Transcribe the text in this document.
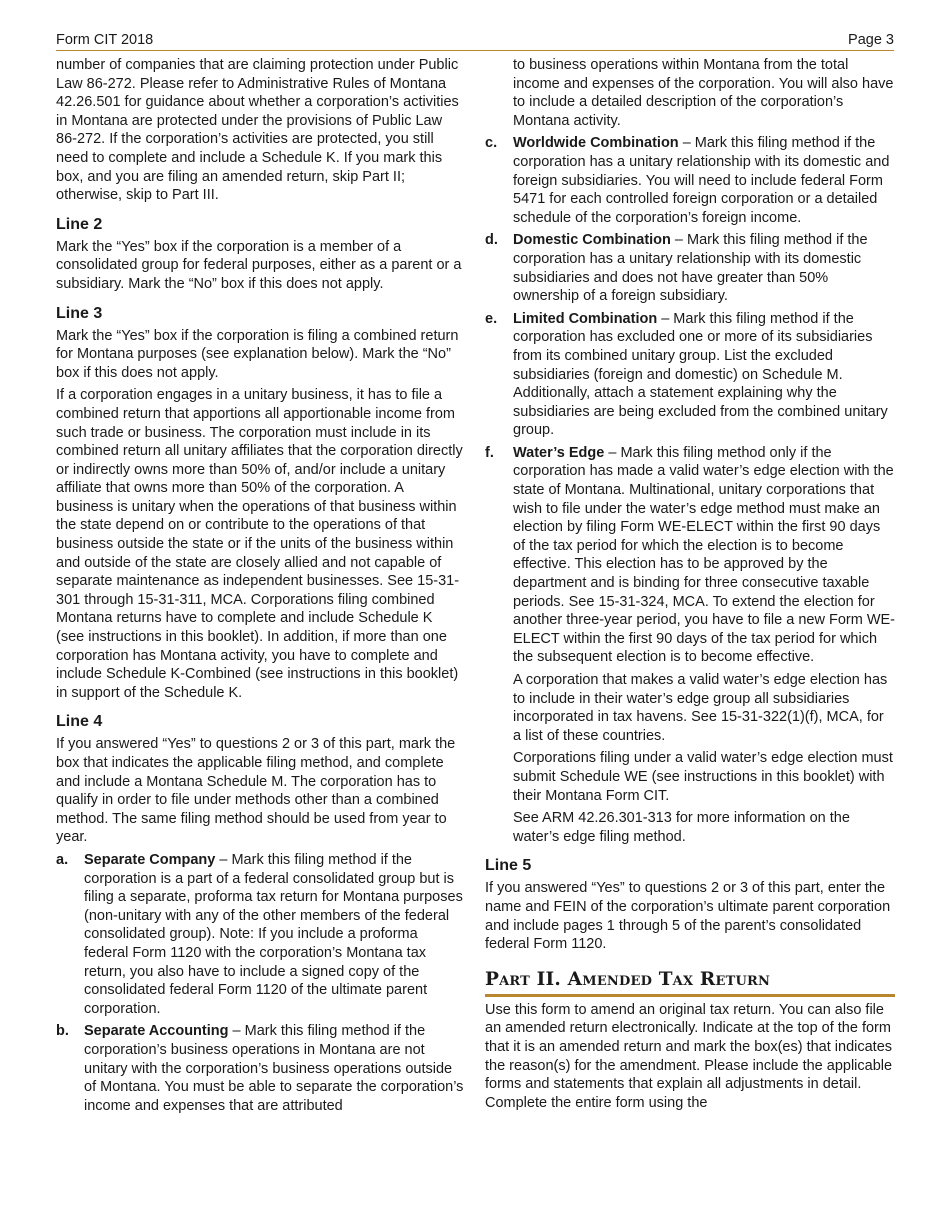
Form CIT 2018	Page 3

number of companies that are claiming protection under Public Law 86-272. Please refer to Administrative Rules of Montana 42.26.501 for guidance about whether a corporation’s activities in Montana are protected under the provisions of Public Law 86-272. If the corporation’s activities are protected, you still need to complete and include a Schedule K. If you mark this box, and you are filing an amended return, skip Part II; otherwise, skip to Part III.

Line 2

Mark the “Yes” box if the corporation is a member of a consolidated group for federal purposes, either as a parent or a subsidiary. Mark the “No” box if this does not apply.

Line 3

Mark the “Yes” box if the corporation is filing a combined return for Montana purposes (see explanation below). Mark the “No” box if this does not apply.

If a corporation engages in a unitary business, it has to file a combined return that apportions all apportionable income from such trade or business. The corporation must include in its combined return all unitary affiliates that the corporation directly or indirectly owns more than 50% of, and/or include a unitary affiliate that owns more than 50% of the corporation. A business is unitary when the operations of that business within the state depend on or contribute to the operations of that business outside the state or if the units of the business within and outside of the state are closely allied and not capable of separate maintenance as independent businesses. See 15-31-301 through 15-31-311, MCA. Corporations filing combined Montana returns have to complete and include Schedule K (see instructions in this booklet). In addition, if more than one corporation has Montana activity, you have to complete and include Schedule K-Combined (see instructions in this booklet) in support of the Schedule K.

Line 4

If you answered “Yes” to questions 2 or 3 of this part, mark the box that indicates the applicable filing method, and complete and include a Montana Schedule M. The corporation has to qualify in order to file under methods other than a combined method. The same filing method should be used from year to year.

a. Separate Company – Mark this filing method if the corporation is a part of a federal consolidated group but is filing a separate, proforma tax return for Montana purposes (non-unitary with any of the other members of the federal consolidated group). Note: If you include a proforma federal Form 1120 with the corporation’s Montana tax return, you also have to include a signed copy of the consolidated federal Form 1120 of the ultimate parent corporation.
b. Separate Accounting – Mark this filing method if the corporation’s business operations in Montana are not unitary with the corporation’s business operations outside of Montana. You must be able to separate the corporation’s income and expenses that are attributed

to business operations within Montana from the total income and expenses of the corporation. You will also have to include a detailed description of the corporation’s Montana activity.

c. Worldwide Combination – Mark this filing method if the corporation has a unitary relationship with its domestic and foreign subsidiaries. You will need to include federal Form 5471 for each controlled foreign corporation or a detailed schedule of the corporation’s foreign income.
d. Domestic Combination – Mark this filing method if the corporation has a unitary relationship with its domestic subsidiaries and does not have greater than 50% ownership of a foreign subsidiary.
e. Limited Combination – Mark this filing method if the corporation has excluded one or more of its subsidiaries from its combined unitary group. List the excluded subsidiaries (foreign and domestic) on Schedule M. Additionally, attach a statement explaining why the subsidiaries are being excluded from the combined unitary group.
f. Water’s Edge – Mark this filing method only if the corporation has made a valid water’s edge election with the state of Montana. Multinational, unitary corporations that wish to file under the water’s edge method must make an election by filing Form WE-ELECT within the first 90 days of the tax period for which the election is to become effective. This election has to be approved by the department and is binding for three consecutive taxable periods. See 15-31-324, MCA. To extend the election for another three-year period, you have to file a new Form WE-ELECT within the first 90 days of the tax period for which the subsequent election is to become effective.

A corporation that makes a valid water’s edge election has to include in their water’s edge group all subsidiaries incorporated in tax havens. See 15-31-322(1)(f), MCA, for a list of these countries.

Corporations filing under a valid water’s edge election must submit Schedule WE (see instructions in this booklet) with their Montana Form CIT.

See ARM 42.26.301-313 for more information on the water’s edge filing method.

Line 5

If you answered “Yes” to questions 2 or 3 of this part, enter the name and FEIN of the corporation’s ultimate parent corporation and include pages 1 through 5 of the parent’s consolidated federal Form 1120.

Part II. Amended Tax Return

Use this form to amend an original tax return. You can also file an amended return electronically. Indicate at the top of the form that it is an amended return and mark the box(es) that indicates the reason(s) for the amendment. Please include the applicable forms and statements that explain all adjustments in detail. Complete the entire form using the
